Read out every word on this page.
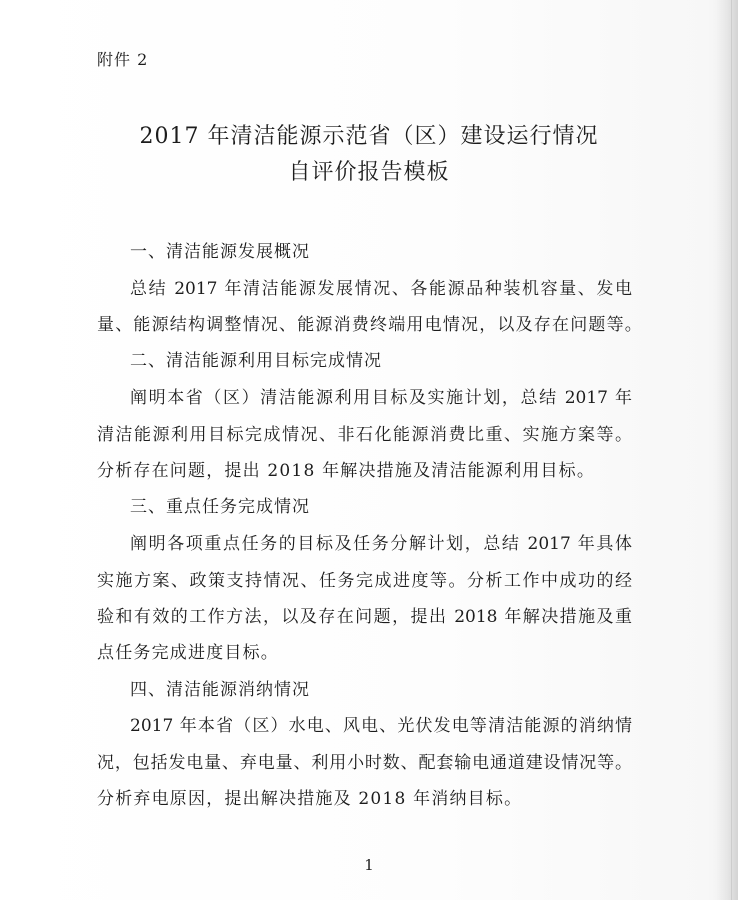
附件 2
2017 年清洁能源示范省（区）建设运行情况
自评价报告模板
一、清洁能源发展概况
总结 2017 年清洁能源发展情况、各能源品种装机容量、发电
量、能源结构调整情况、能源消费终端用电情况，以及存在问题等。
二、清洁能源利用目标完成情况
阐明本省（区）清洁能源利用目标及实施计划，总结 2017 年
清洁能源利用目标完成情况、非石化能源消费比重、实施方案等。
分析存在问题，提出 2018 年解决措施及清洁能源利用目标。
三、重点任务完成情况
阐明各项重点任务的目标及任务分解计划，总结 2017 年具体
实施方案、政策支持情况、任务完成进度等。分析工作中成功的经
验和有效的工作方法，以及存在问题，提出 2018 年解决措施及重
点任务完成进度目标。
四、清洁能源消纳情况
2017 年本省（区）水电、风电、光伏发电等清洁能源的消纳情
况，包括发电量、弃电量、利用小时数、配套输电通道建设情况等。
分析弃电原因，提出解决措施及 2018 年消纳目标。
1
